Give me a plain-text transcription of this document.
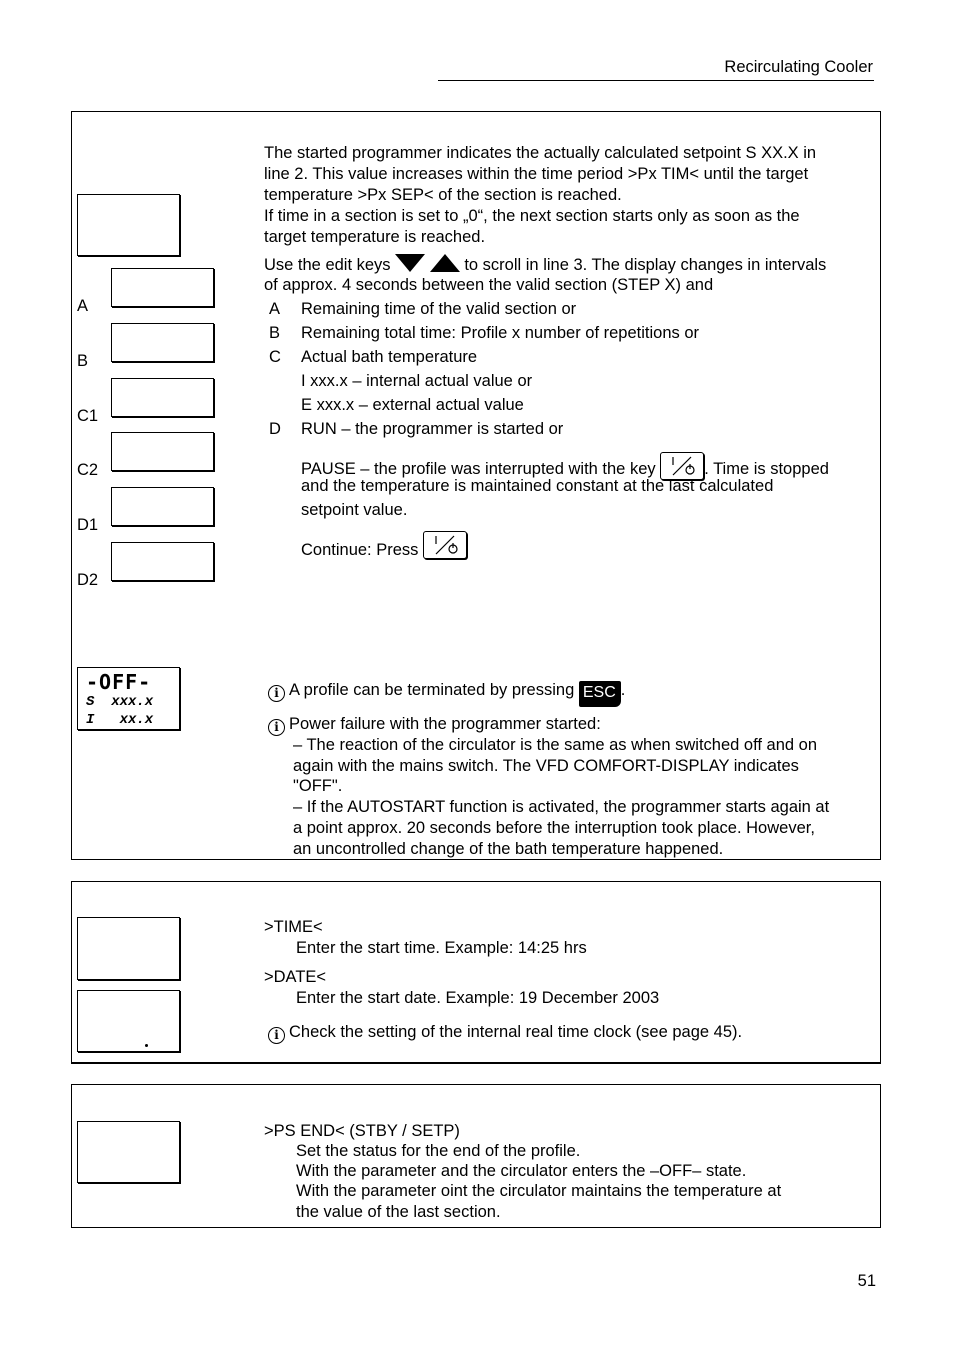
Recirculating Cooler
A
B
C1
C2
D1
D2
The started programmer indicates the actually calculated setpoint S XX.X in
line 2. This value increases within the time period >Px TIM< until the target
temperature >Px SEP< of the section is reached.
If time in a section is set to „0“, the next section starts only as soon as the
target temperature is reached.
Use the edit keys	to scroll in line 3. The display changes in intervals
of approx. 4 seconds between the valid section (STEP X) and
A Remaining time of the valid section or
B Remaining total time: Profile x number of repetitions or
C Actual bath temperature
I xxx.x – internal actual value or
E xxx.x – external actual value
D RUN – the programmer is started or
PAUSE – the profile was interrupted with the key	. Time is stopped
and the temperature is maintained constant at the last calculated
setpoint value.
Continue: Press
-OFF-
S  xxx.x
I   xx.x
i A profile can be terminated by pressing ESC .
i Power failure with the programmer started:
– The reaction of the circulator is the same as when switched off and on
again with the mains switch. The VFD COMFORT-DISPLAY indicates
"OFF".
– If the AUTOSTART function is activated, the programmer starts again at
a point approx. 20 seconds before the interruption took place. However,
an uncontrolled change of the bath temperature happened.
>TIME<
Enter the start time. Example: 14:25 hrs
>DATE<
Enter the start date. Example: 19 December 2003
i Check the setting of the internal real time clock (see page 45).
>PS END< (STBY / SETP)
Set the status for the end of the profile.
With the parameter and the circulator enters the –OFF– state.
With the parameter oint the circulator maintains the temperature at
the value of the last section.
51
